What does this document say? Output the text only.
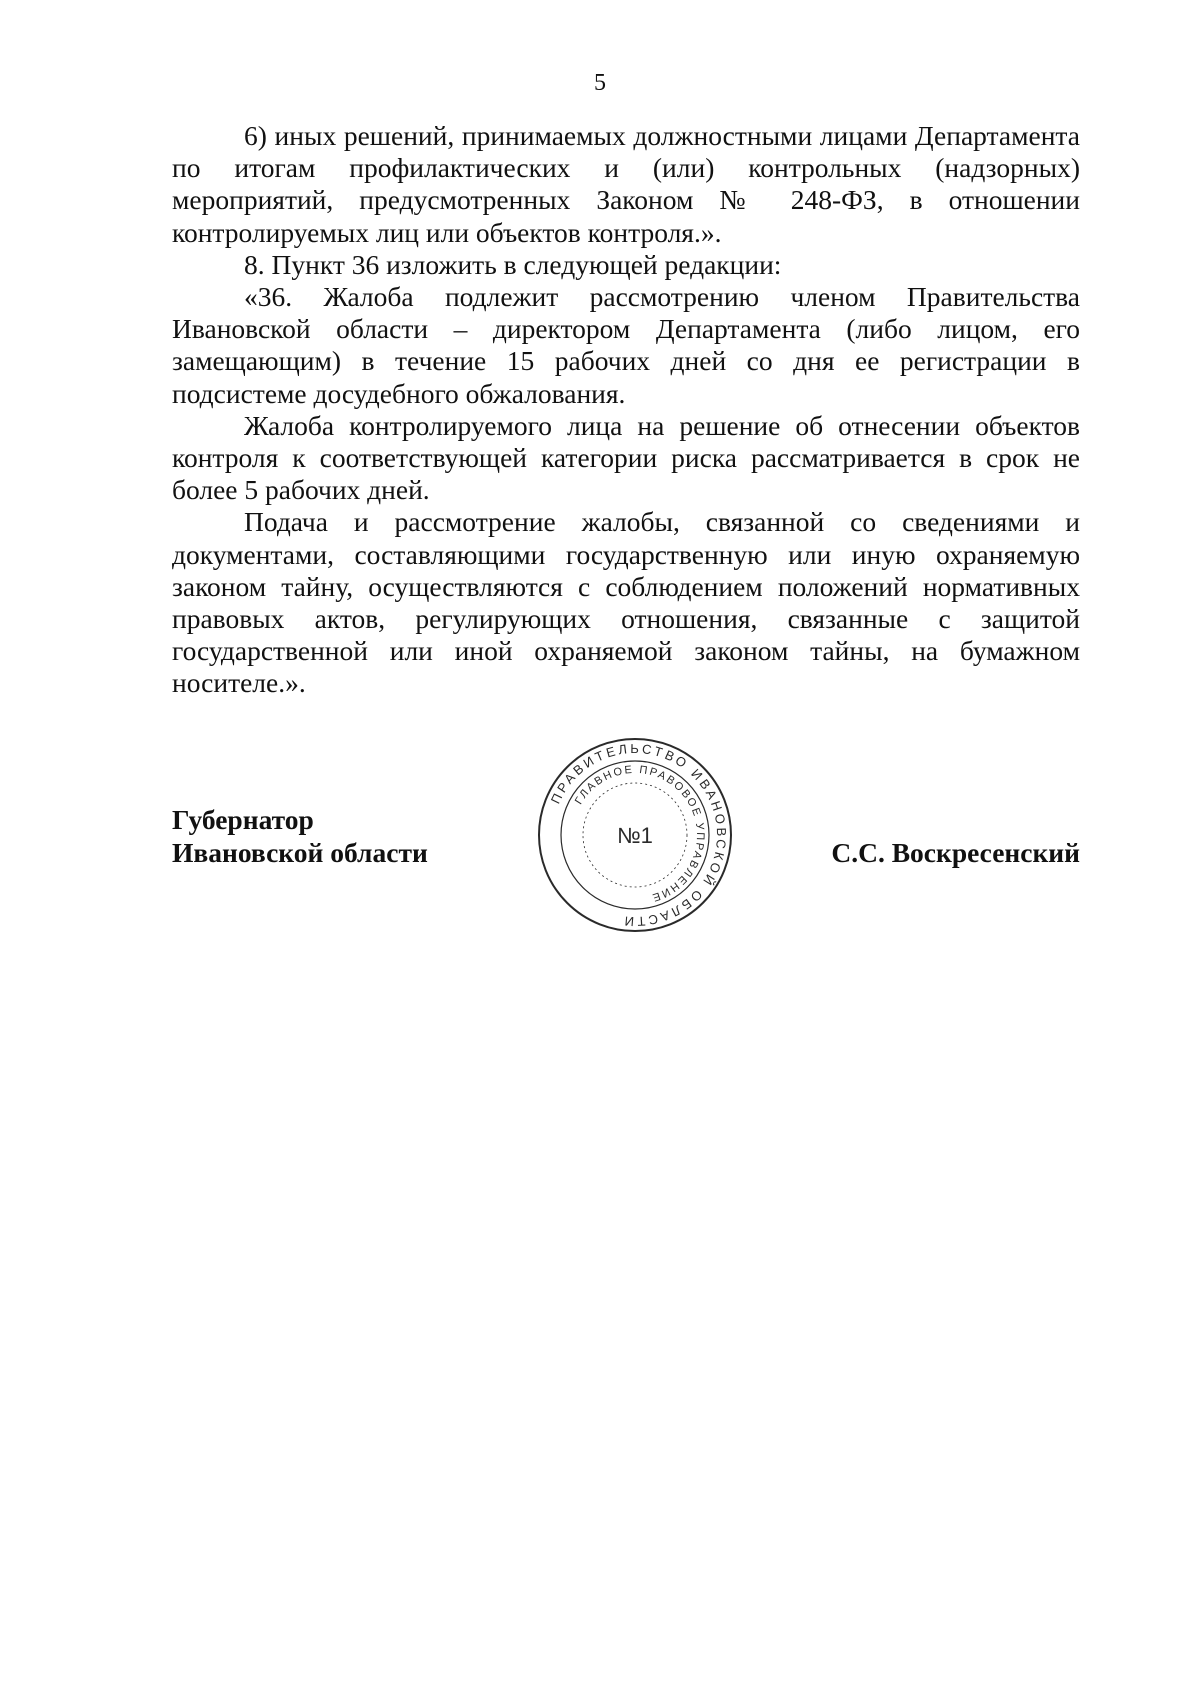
5

6) иных решений, принимаемых должностными лицами Департамента по итогам профилактических и (или) контрольных (надзорных) мероприятий, предусмотренных Законом № 248-ФЗ, в отношении контролируемых лиц или объектов контроля.».

8. Пункт 36 изложить в следующей редакции:

«36. Жалоба подлежит рассмотрению членом Правительства Ивановской области – директором Департамента (либо лицом, его замещающим) в течение 15 рабочих дней со дня ее регистрации в подсистеме досудебного обжалования.

Жалоба контролируемого лица на решение об отнесении объектов контроля к соответствующей категории риска рассматривается в срок не более 5 рабочих дней.

Подача и рассмотрение жалобы, связанной со сведениями и документами, составляющими государственную или иную охраняемую законом тайну, осуществляются с соблюдением положений нормативных правовых актов, регулирующих отношения, связанные с защитой государственной или иной охраняемой законом тайны, на бумажном носителе.».

Губернатор
Ивановской области
ПРАВИТЕЛЬСТВО ИВАНОВСКОЙ ОБЛАСТИ
ГЛАВНОЕ ПРАВОВОЕ УПРАВЛЕНИЕ
№1
С.С. Воскресенский
